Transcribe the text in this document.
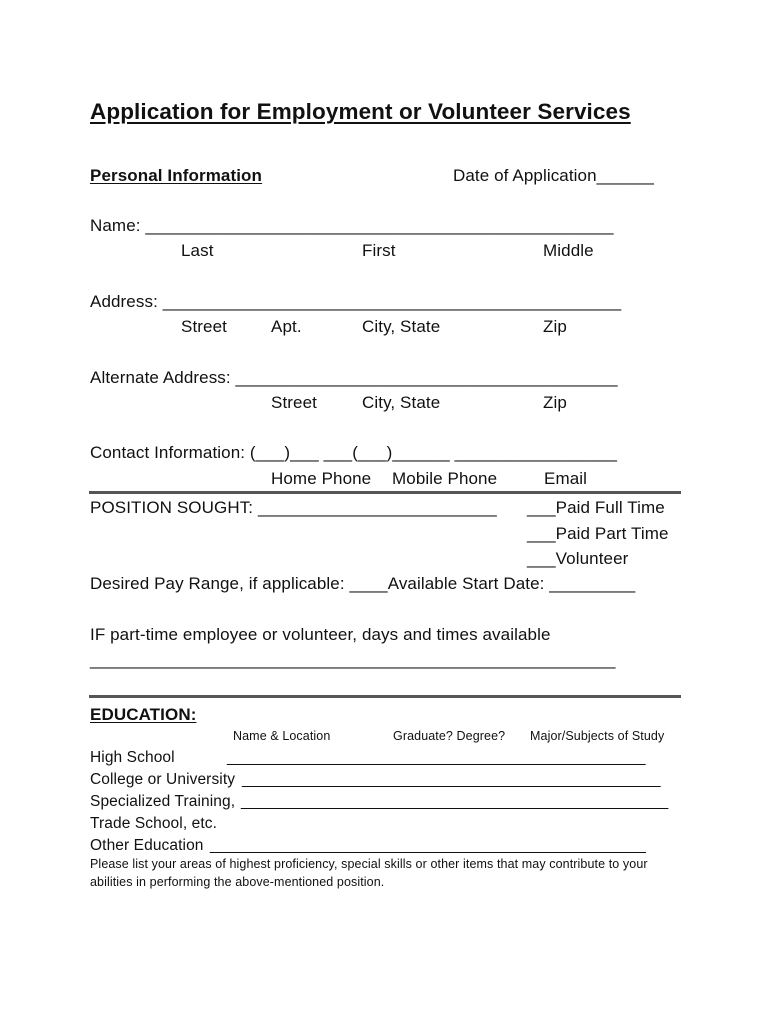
Application for Employment or Volunteer Services
Personal Information	Date of Application______
Name: _________________________________________________
Last	First	Middle
Address: ________________________________________________
Street	Apt.	City, State	Zip
Alternate Address: ________________________________________
Street	City, State	Zip
Contact Information: (___)___ ___(___)______ _________________
Home Phone Mobile Phone	Email
POSITION SOUGHT: _________________________ ___Paid Full Time
___Paid Part Time
___Volunteer
Desired Pay Range, if applicable: ____Available Start Date: _________
IF part-time employee or volunteer, days and times available
_______________________________________________________
EDUCATION:
Name & Location	Graduate? Degree? Major/Subjects of Study
High School	________________________________________________
College or University ________________________________________________
Specialized Training, _________________________________________________
Trade School, etc.
Other Education __________________________________________________
Please list your areas of highest proficiency, special skills or other items that may contribute to your
abilities in performing the above-mentioned position.
